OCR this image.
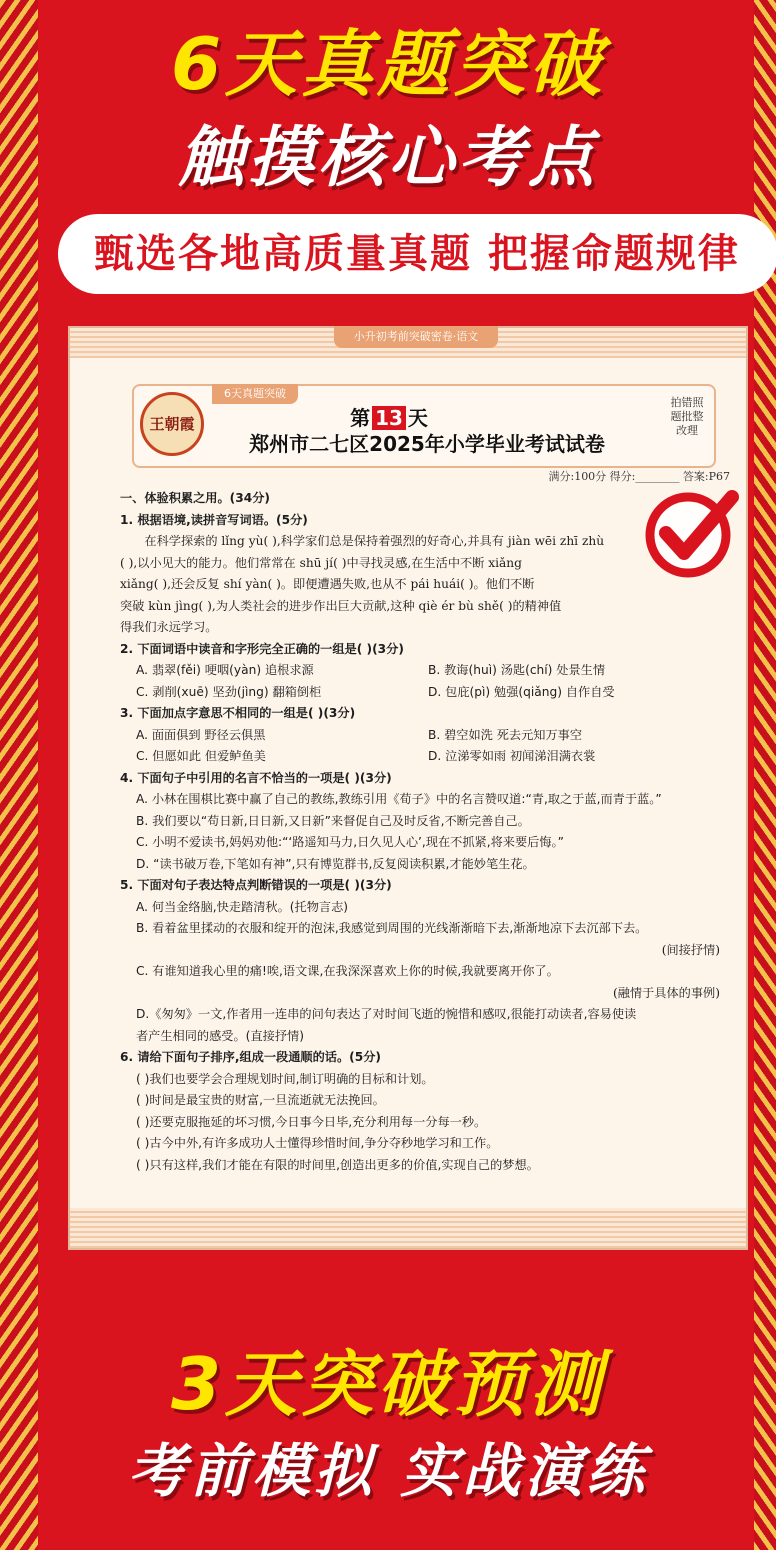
6天真题突破
触摸核心考点
甄选各地高质量真题 把握命题规律
小升初考前突破密卷·语文
王朝霞
6天真题突破
第 13 天
郑州市二七区2025年小学毕业考试试卷
拍错照题批整改理
满分:100分 得分:________ 答案:P67
一、体验积累之用。(34分)
1. 根据语境,读拼音写词语。(5分)
在科学探索的 lǐng yù( ),科学家们总是保持着强烈的好奇心,并具有 jiàn wēi zhī zhù
( ),以小见大的能力。他们常常在 shū jí( )中寻找灵感,在生活中不断 xiǎng
xiǎng( ),还会反复 shí yàn( )。即便遭遇失败,也从不 pái huái( )。他们不断
突破 kùn jìng( ),为人类社会的进步作出巨大贡献,这种 qiè ér bù shě( )的精神值
得我们永远学习。
2. 下面词语中读音和字形完全正确的一组是( )(3分)
A. 翡翠(fěi) 哽咽(yàn) 追根求源	B. 教诲(huì) 汤匙(chí) 处景生情
C. 剥削(xuē) 坚劲(jìng) 翻箱倒柜	D. 包庇(pì) 勉强(qiǎng) 自作自受
3. 下面加点字意思不相同的一组是( )(3分)
A. 面面俱到 野径云俱黑	B. 碧空如洗 死去元知万事空
C. 但愿如此 但爱鲈鱼美	D. 泣涕零如雨 初闻涕泪满衣裳
4. 下面句子中引用的名言不恰当的一项是( )(3分)
A. 小林在围棋比赛中赢了自己的教练,教练引用《荀子》中的名言赞叹道:“青,取之于蓝,而青于蓝。”
B. 我们要以“苟日新,日日新,又日新”来督促自己及时反省,不断完善自己。
C. 小明不爱读书,妈妈劝他:“‘路遥知马力,日久见人心’,现在不抓紧,将来要后悔。”
D. “读书破万卷,下笔如有神”,只有博览群书,反复阅读积累,才能妙笔生花。
5. 下面对句子表达特点判断错误的一项是( )(3分)
A. 何当金络脑,快走踏清秋。(托物言志)
B. 看着盆里揉动的衣服和绽开的泡沫,我感觉到周围的光线渐渐暗下去,渐渐地凉下去沉部下去。
(间接抒情)
C. 有谁知道我心里的痛!唉,语文课,在我深深喜欢上你的时候,我就要离开你了。
(融情于具体的事例)
D.《匆匆》一文,作者用一连串的问句表达了对时间飞逝的惋惜和感叹,很能打动读者,容易使读
者产生相同的感受。(直接抒情)
6. 请给下面句子排序,组成一段通顺的话。(5分)
( )我们也要学会合理规划时间,制订明确的目标和计划。
( )时间是最宝贵的财富,一旦流逝就无法挽回。
( )还要克服拖延的坏习惯,今日事今日毕,充分利用每一分每一秒。
( )古今中外,有许多成功人士懂得珍惜时间,争分夺秒地学习和工作。
( )只有这样,我们才能在有限的时间里,创造出更多的价值,实现自己的梦想。
3天突破预测
考前模拟 实战演练
